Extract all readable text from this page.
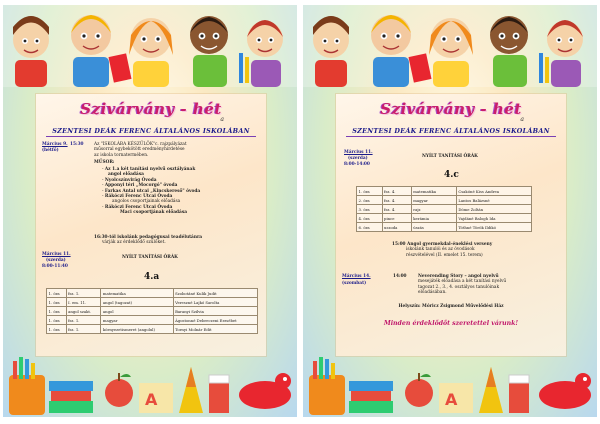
Szivárvány - hét
a
SZENTESI DEÁK FERENC ÁLTALÁNOS ISKOLÁBAN
Március 9. 15:30
(hétfő)
Az "ISKOLÁBA KÉSZÜLÖK"c. rajzpályázat
műsorral egybekötött eredményhirdetése
az iskola tornatermében.
MŰSOR:
- Az 1.a két tanítási nyelvű osztályának
angol előadása
- Nyolcszínvirág Óvoda
- Apponyi téri „Mocorgó" óvoda
- Farkas Antal utcai „Kincskereső" óvoda
- Rákóczi Ferenc Utcai Óvoda
angolos csoportjainak előadása
- Rákóczi Ferenc Utcai Óvoda
Maci csoportjának előadása
16:30-tól iskolánk pedagógusai teadélutánra
várják az érdeklődő szülőket.
Március 11.
(szerda)
8:00-11:40
NYÍLT TANÍTÁSI ÓRÁK
4.a
1. óra	fsz. 1.	matematika	Szobotáné Kulik Judit
1. óra	I. em. 11.	angol (tagozat)	Vereszné Lajkó Sarolta
1. óra	angol szakt.	angol	Baranyi Szilvia
1. óra	fsz. 1.	magyar	Ágostonné Debreczeni Erzsébet
1. óra	fsz. 1.	környezetismeret (angolul)	Tornyi Molnár Edit
A
Szivárvány - hét
a
SZENTESI DEÁK FERENC ÁLTALÁNOS ISKOLÁBAN
Március 11.
(szerda)
8:00-14:00
NYÍLT TANÍTÁSI ÓRÁK
4.c
1. óra	fsz. 4.	matematika	Csakóné Kiss Andrea
2. óra	fsz. 4.	magyar	Lantos Balázsné
3. óra	fsz. 4.	rajz	Döme Zoltán
4. óra	pince	kerámia	Vajdáné Balogh Ida
6. óra	uszoda	úszás	Tóthné Török Ildikó
15:00 Angol gyermekdal-éneklési verseny
iskolánk tanulói és az óvodások
részvételével (II. emelet 15. terem)
Március 14.
(szombat)
14:00	Neverending Story – angol nyelvű
mesejáték előadása a két tanítási nyelvű
tagozat 2., 3., 4. osztályos tanulóinak
előadásában.
Helyszín: Móricz Zsigmond Művelődési Ház
Minden érdeklődőt szeretettel várunk!
A
